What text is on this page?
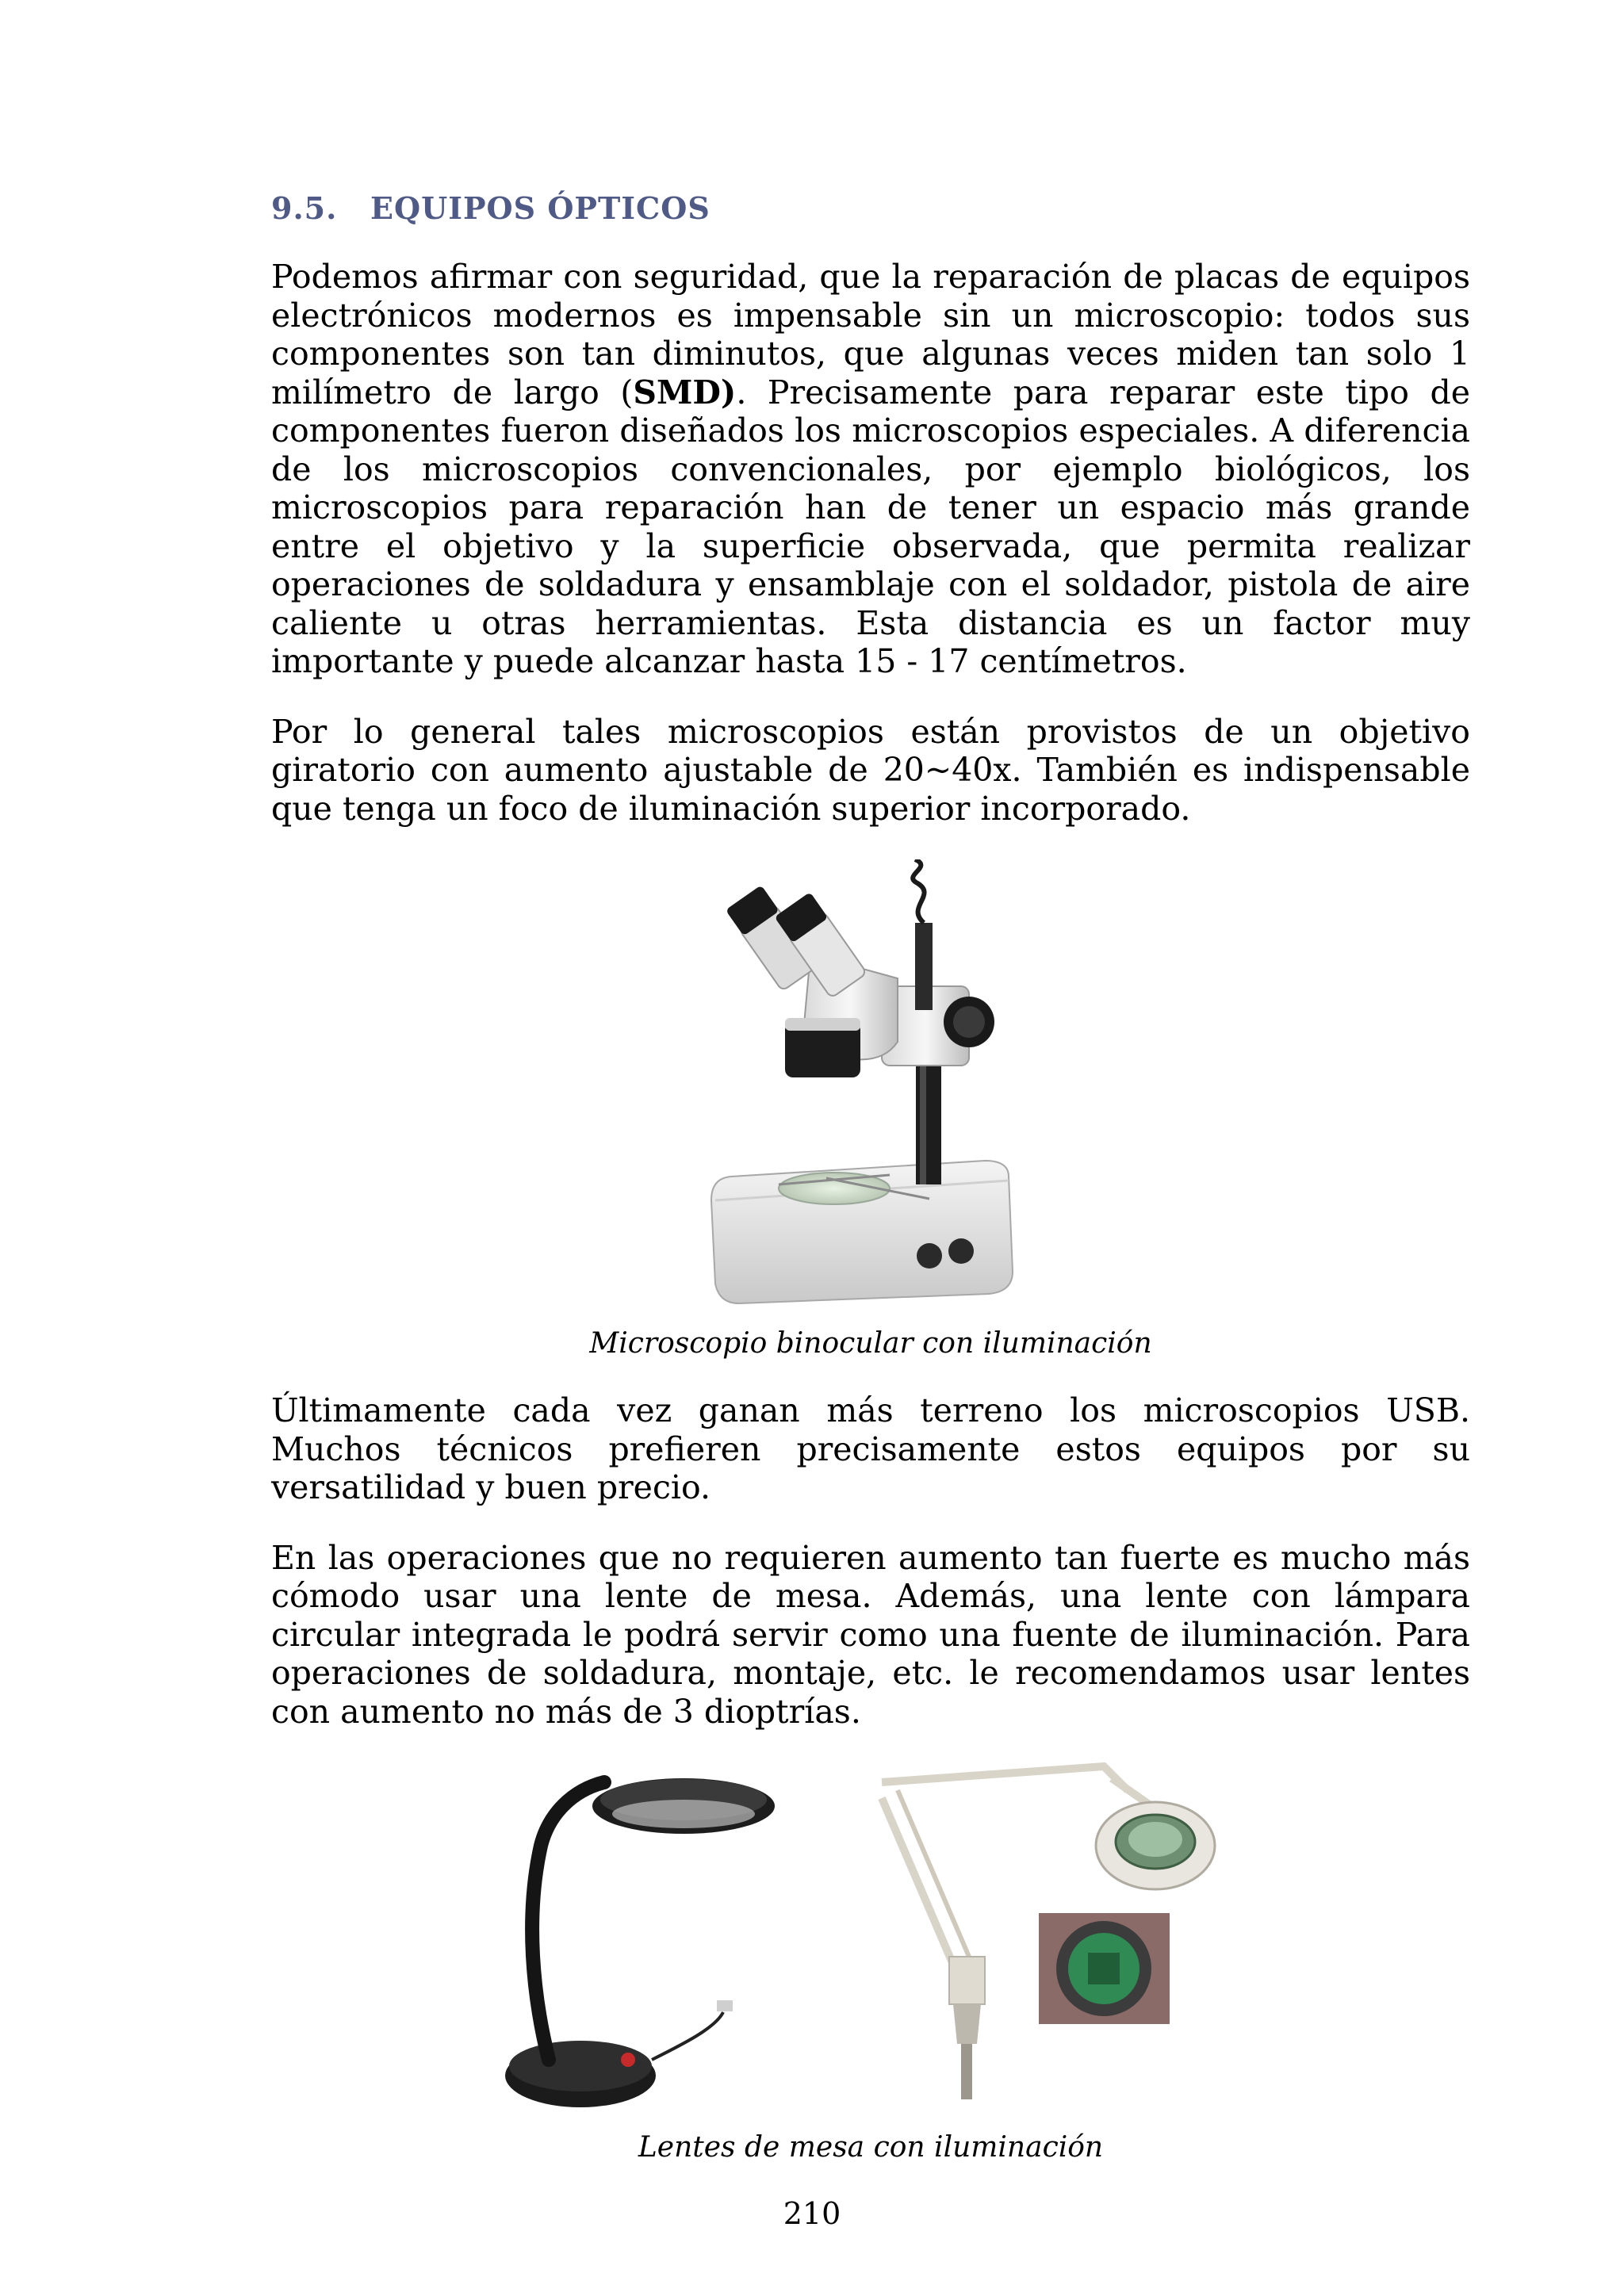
9.5.	EQUIPOS ÓPTICOS

Podemos afirmar con seguridad, que la reparación de placas de equipos electrónicos modernos es impensable sin un microscopio: todos sus componentes son tan diminutos, que algunas veces miden tan solo 1 milímetro de largo (SMD). Precisamente para reparar este tipo de componentes fueron diseñados los microscopios especiales. A diferencia de los microscopios convencionales, por ejemplo biológicos, los microscopios para reparación han de tener un espacio más grande entre el objetivo y la superficie observada, que permita realizar operaciones de soldadura y ensamblaje con el soldador, pistola de aire caliente u otras herramientas. Esta distancia es un factor muy importante y puede alcanzar hasta 15 - 17 centímetros.

Por lo general tales microscopios están provistos de un objetivo giratorio con aumento ajustable de 20~40x. También es indispensable que tenga un foco de iluminación superior incorporado.

Microscopio binocular con iluminación

Últimamente cada vez ganan más terreno los microscopios USB. Muchos técnicos prefieren precisamente estos equipos por su versatilidad y buen precio.

En las operaciones que no requieren aumento tan fuerte es mucho más cómodo usar una lente de mesa. Además, una lente con lámpara circular integrada le podrá servir como una fuente de iluminación. Para operaciones de soldadura, montaje, etc. le recomendamos usar lentes con aumento no más de 3 dioptrías.

Lentes de mesa con iluminación

210
